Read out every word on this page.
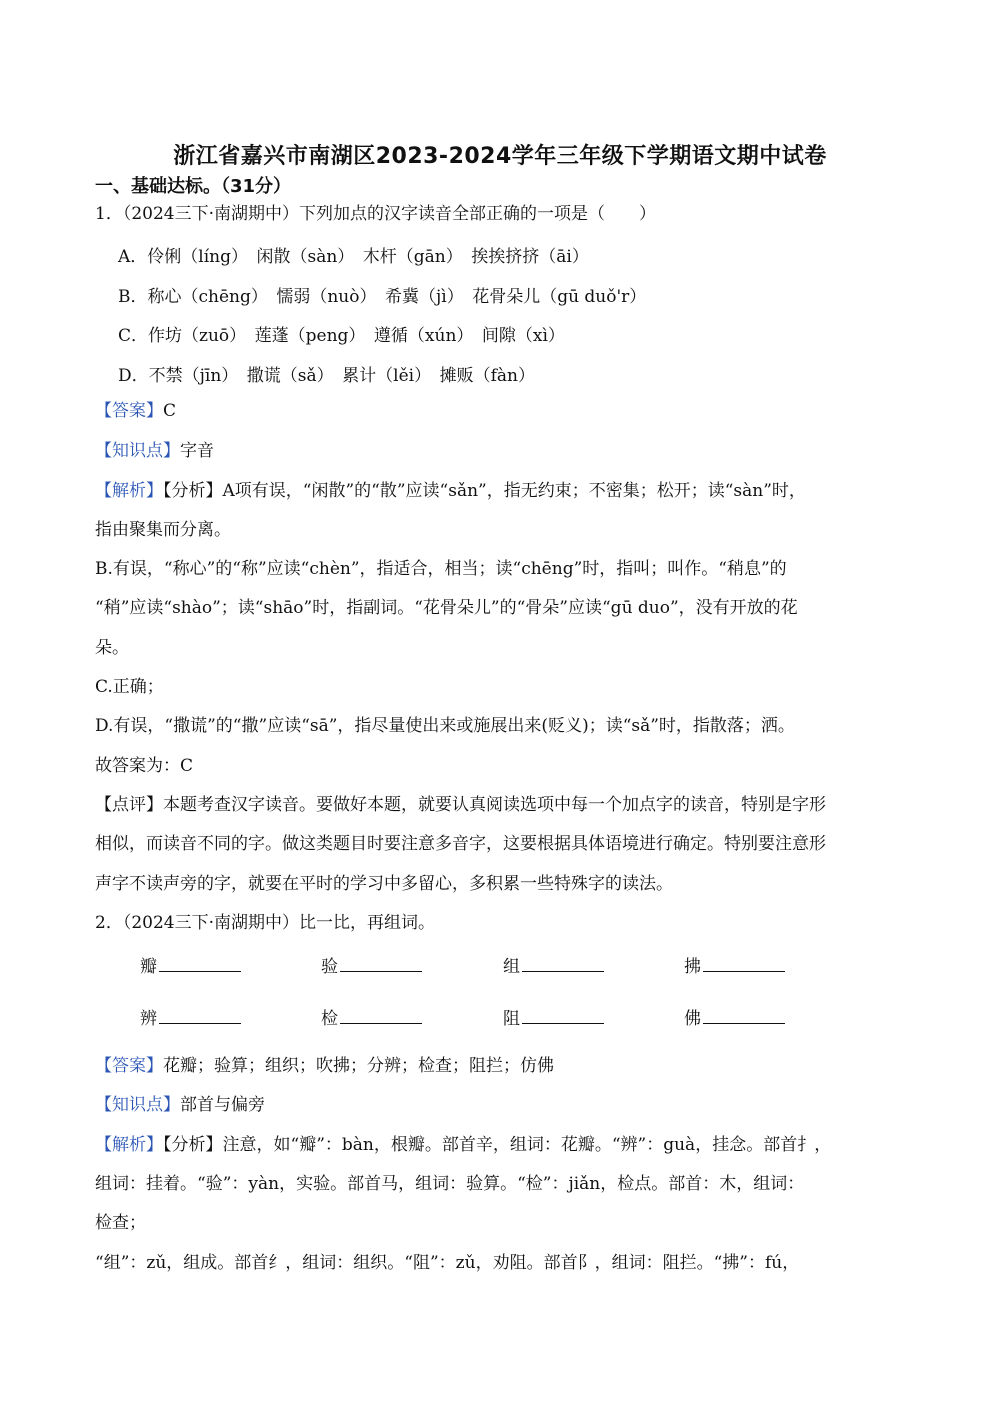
浙江省嘉兴市南湖区2023-2024学年三年级下学期语文期中试卷
一、基础达标。（31分）
1．（2024三下·南湖期中）下列加点的汉字读音全部正确的一项是（　　）
A．伶俐（líng）　闲散（sàn）　木杆（gān）　挨挨挤挤（āi）
B．称心（chēng）　懦弱（nuò）　希冀（jì）　花骨朵儿（gū duǒ'r）
C．作坊（zuō）　莲蓬（peng）　遵循（xún）　间隙（xì）
D．不禁（jīn）　撒谎（sǎ）　累计（lěi）　摊贩（fàn）
【答案】C
【知识点】字音
【解析】【分析】A项有误，“闲散”的“散”应读“sǎn”，指无约束；不密集；松开；读“sàn”时，
指由聚集而分离。
B.有误，“称心”的“称”应读“chèn”，指适合，相当；读“chēng”时，指叫；叫作。“稍息”的
“稍”应读“shào”；读“shāo”时，指副词。“花骨朵儿”的“骨朵”应读“gū duo”，没有开放的花
朵。
C.正确；
D.有误，“撒谎”的“撒”应读“sā”，指尽量使出来或施展出来(贬义)；读“sǎ”时，指散落；洒。
故答案为：C
【点评】本题考查汉字读音。要做好本题，就要认真阅读选项中每一个加点字的读音，特别是字形
相似，而读音不同的字。做这类题目时要注意多音字，这要根据具体语境进行确定。特别要注意形
声字不读声旁的字，就要在平时的学习中多留心，多积累一些特殊字的读法。
2．（2024三下·南湖期中）比一比，再组词。
瓣	验	组	拂
辨	检	阻	佛
【答案】花瓣；验算；组织；吹拂；分辨；检查；阻拦；仿佛
【知识点】部首与偏旁
【解析】【分析】注意，如“瓣”：bàn，根瓣。部首辛，组词：花瓣。“辨”：guà，挂念。部首扌，
组词：挂着。“验”：yàn，实验。部首马，组词：验算。“检”：jiǎn，检点。部首：木，组词：
检查；
“组”：zǔ，组成。部首纟，组词：组织。“阻”：zǔ，劝阻。部首阝，组词：阻拦。“拂”：fú，
